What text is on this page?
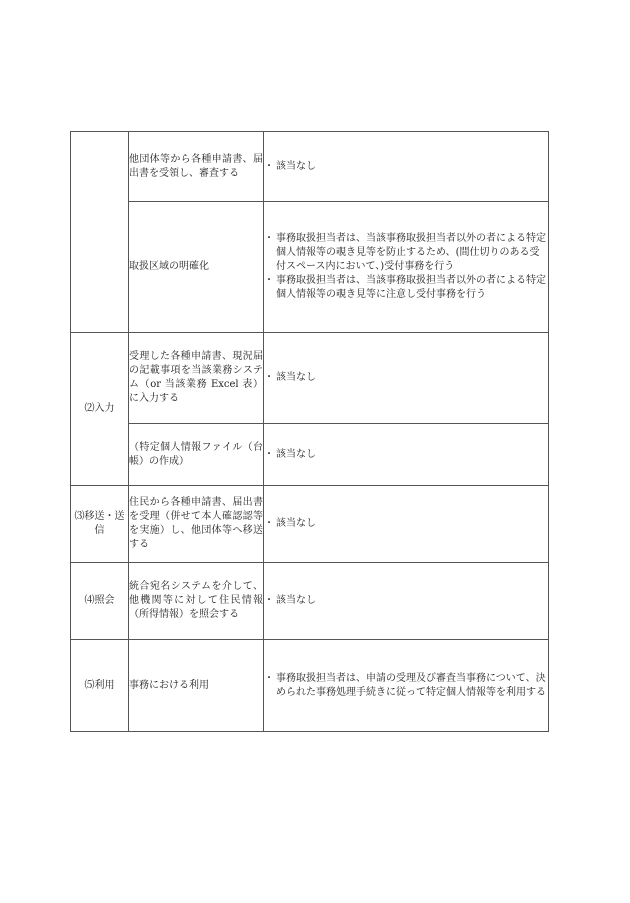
	他団体等から各種申請書、届出書を受領し、審査する	・ 該当なし

	取扱区域の明確化	・ 事務取扱担当者は、当該事務取扱担当者以外の者による特定個人情報等の覗き見等を防止するため、(間仕切りのある受付スペース内において、)受付事務を行う
・ 事務取扱担当者は、当該事務取扱担当者以外の者による特定個人情報等の覗き見等に注意し受付事務を行う

⑵入力	受理した各種申請書、現況届の記載事項を当該業務システム（or 当該業務 Excel 表）に入力する	・ 該当なし

	（特定個人情報ファイル（台帳）の作成）	・ 該当なし

⑶移送・送信	住民から各種申請書、届出書を受理（併せて本人確認認等を実施）し、他団体等へ移送する	・ 該当なし

⑷照会	統合宛名システムを介して、他機関等に対して住民情報（所得情報）を照会する	・ 該当なし

⑸利用	事務における利用	・ 事務取扱担当者は、申請の受理及び審査当事務について、決められた事務処理手続きに従って特定個人情報等を利用する
